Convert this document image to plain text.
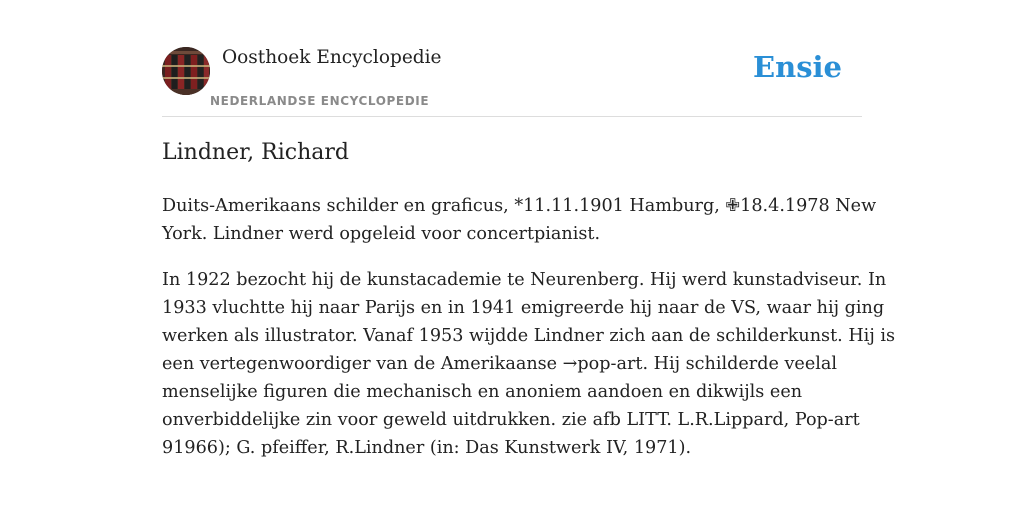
Oosthoek Encyclopedie
NEDERLANDSE ENCYCLOPEDIE
Ensie
Lindner, Richard

Duits-Amerikaans schilder en graficus, *11.11.1901 Hamburg, ✙18.4.1978 New
York. Lindner werd opgeleid voor concertpianist.

In 1922 bezocht hij de kunstacademie te Neurenberg. Hij werd kunstadviseur. In
1933 vluchtte hij naar Parijs en in 1941 emigreerde hij naar de VS, waar hij ging
werken als illustrator. Vanaf 1953 wijdde Lindner zich aan de schilderkunst. Hij is
een vertegenwoordiger van de Amerikaanse →pop-art. Hij schilderde veelal
menselijke figuren die mechanisch en anoniem aandoen en dikwijls een
onverbiddelijke zin voor geweld uitdrukken. zie afb LITT. L.R.Lippard, Pop-art
91966); G. pfeiffer, R.Lindner (in: Das Kunstwerk IV, 1971).
